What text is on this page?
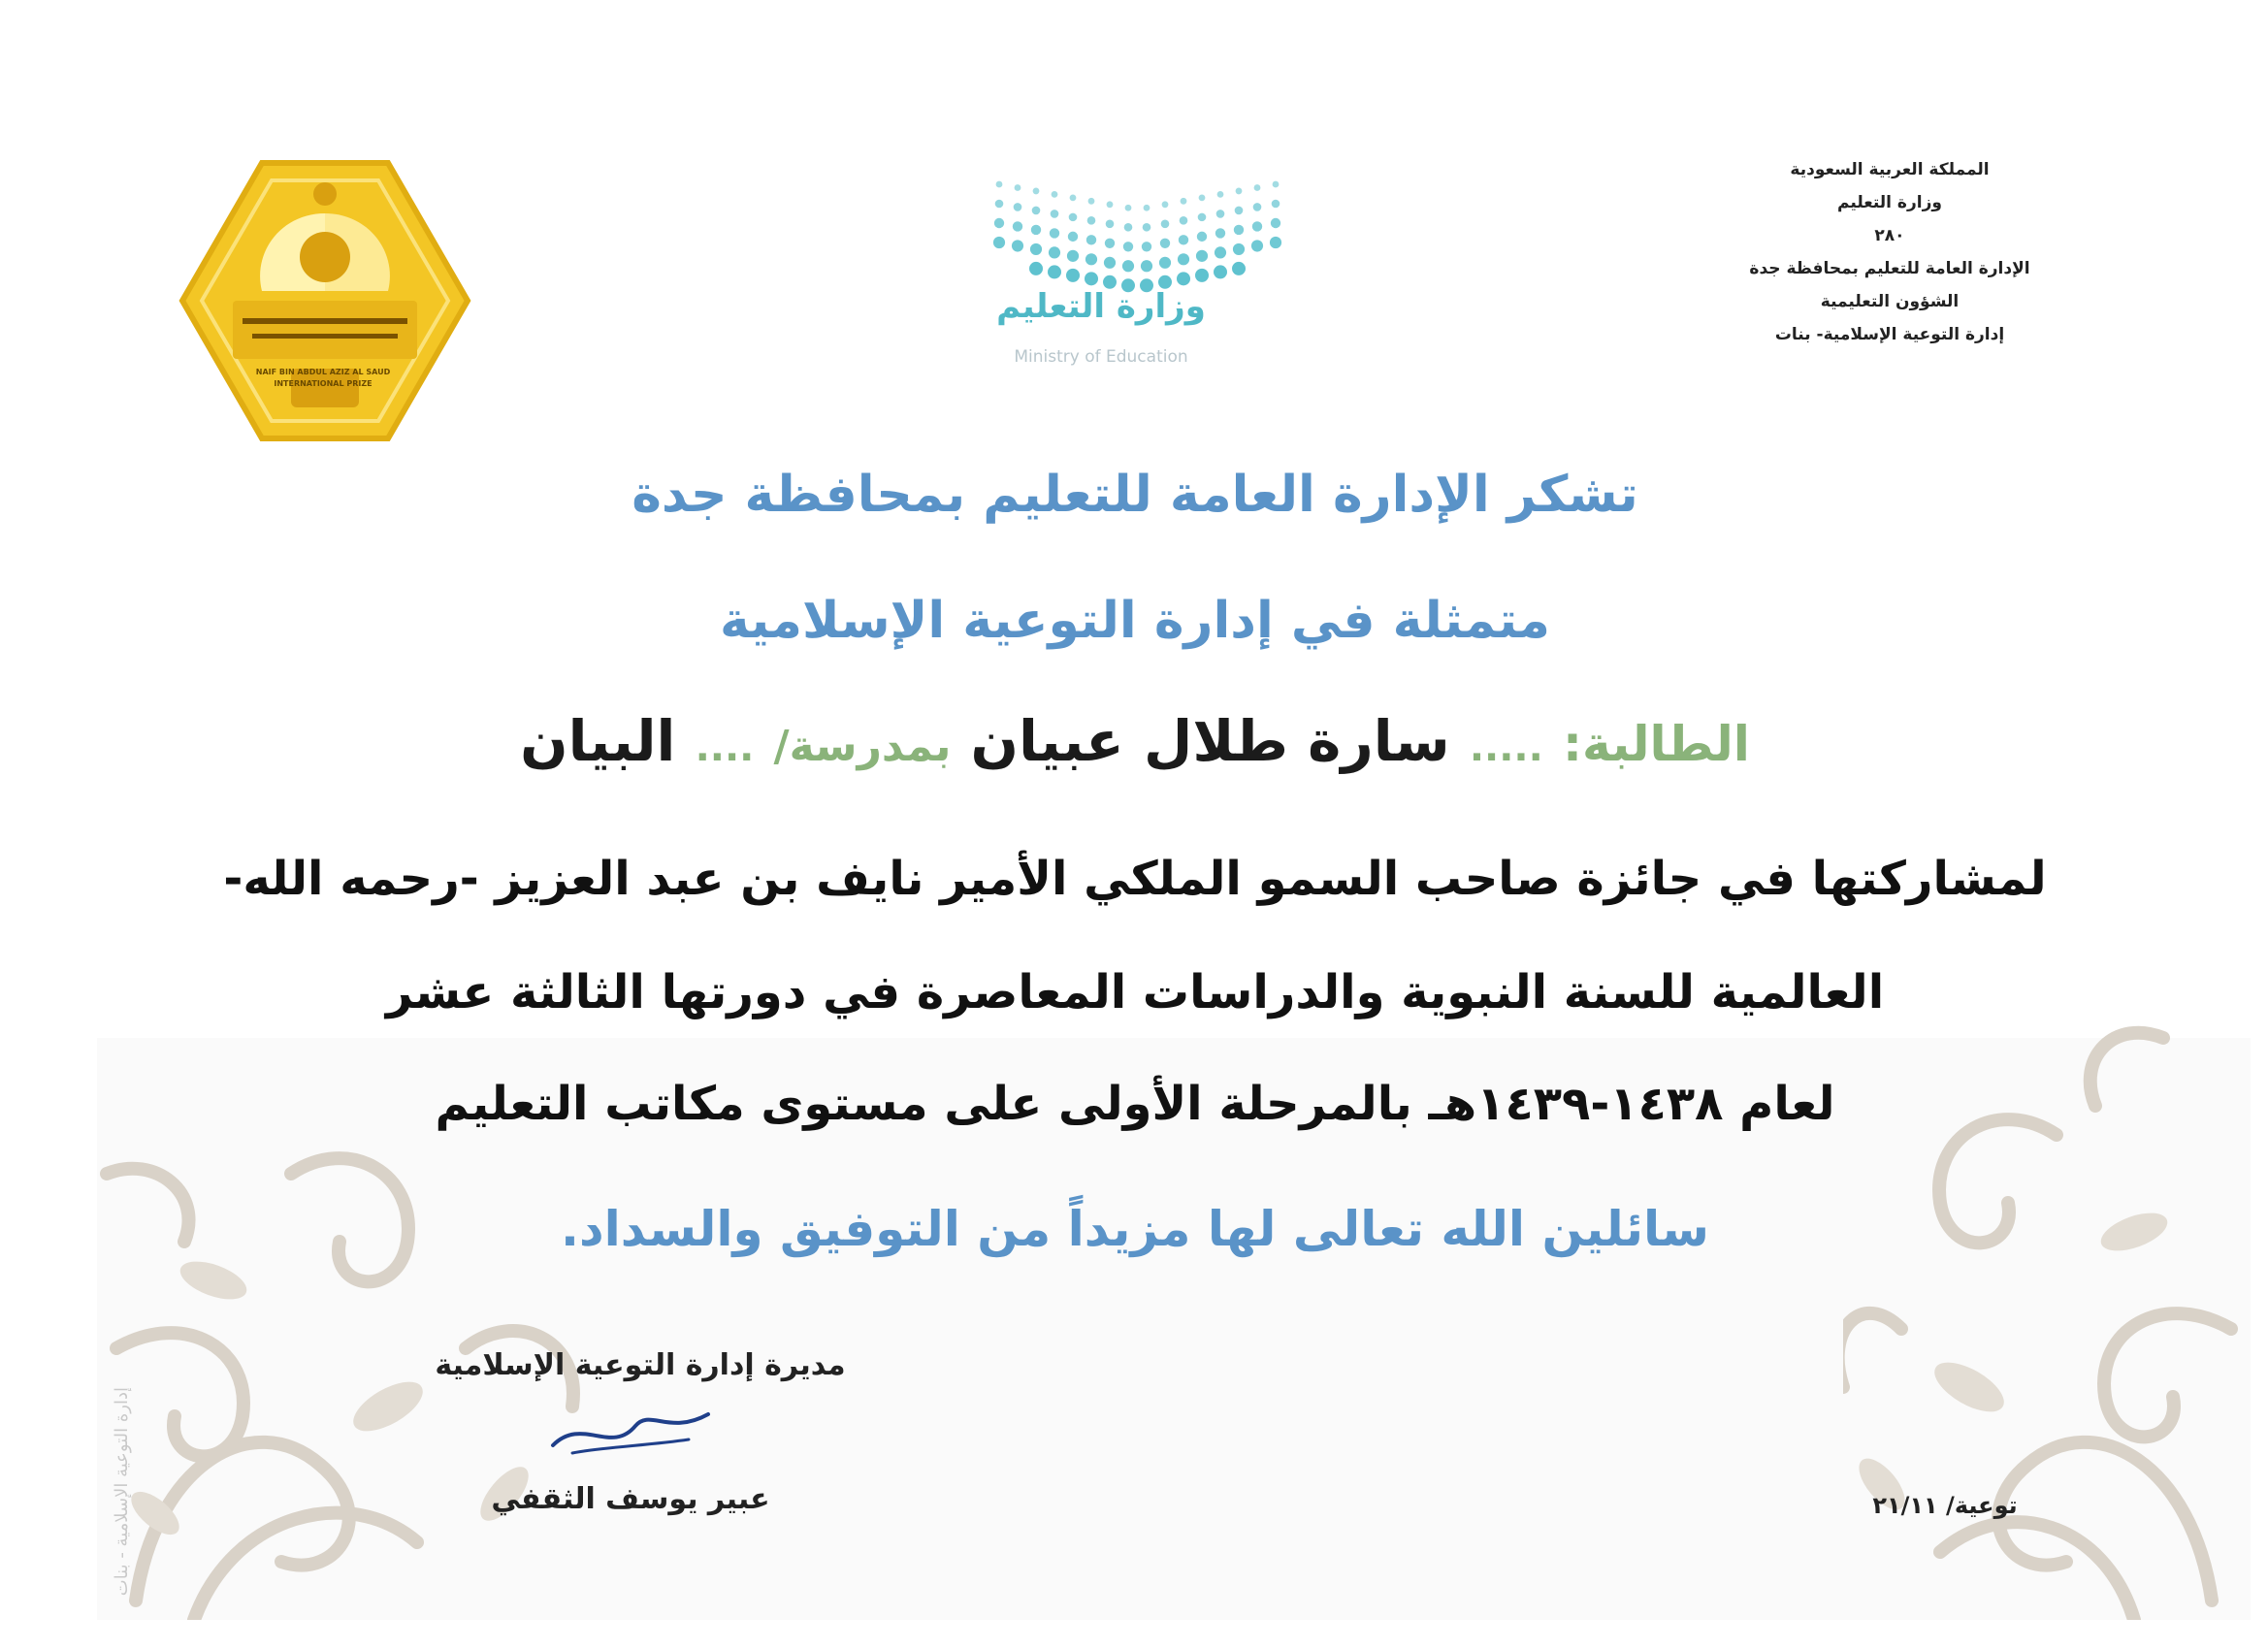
المملكة العربية السعودية
وزارة التعليم
٢٨٠
الإدارة العامة للتعليم بمحافظة جدة
الشؤون التعليمية
إدارة التوعية الإسلامية- بنات
وزارة التعليم
Ministry of Education
NAIF BIN ABDUL AZIZ AL SAUD
INTERNATIONAL PRIZE
تشكر الإدارة العامة للتعليم بمحافظة جدة
متمثلة في إدارة التوعية الإسلامية
الطالبة: ..... سارة طلال عبيان بمدرسة/ .... البيان
لمشاركتها في جائزة صاحب السمو الملكي الأمير نايف بن عبد العزيز -رحمه الله-
العالمية للسنة النبوية والدراسات المعاصرة في دورتها الثالثة عشر
لعام ١٤٣٨-١٤٣٩هـ بالمرحلة الأولى على مستوى مكاتب التعليم
سائلين الله تعالى لها مزيداً من التوفيق والسداد.
مديرة إدارة التوعية الإسلامية
عبير يوسف الثقفي	توعية/ ٢١/١١
إدارة التوعية الإسلامية - بنات
